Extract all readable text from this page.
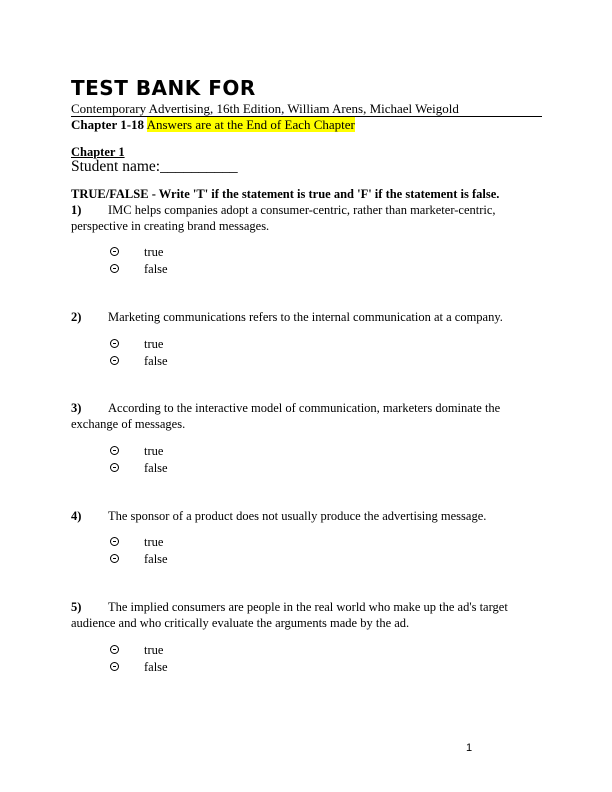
TEST BANK FOR
Contemporary Advertising, 16th Edition, William Arens, Michael Weigold
Chapter 1-18 Answers are at the End of Each Chapter
Chapter 1
Student name:__________
TRUE/FALSE - Write 'T' if the statement is true and 'F' if the statement is false.
1) IMC helps companies adopt a consumer-centric, rather than marketer-centric, perspective in creating brand messages.
true
false
2) Marketing communications refers to the internal communication at a company.
true
false
3) According to the interactive model of communication, marketers dominate the exchange of messages.
true
false
4) The sponsor of a product does not usually produce the advertising message.
true
false
5) The implied consumers are people in the real world who make up the ad's target audience and who critically evaluate the arguments made by the ad.
true
false
1
